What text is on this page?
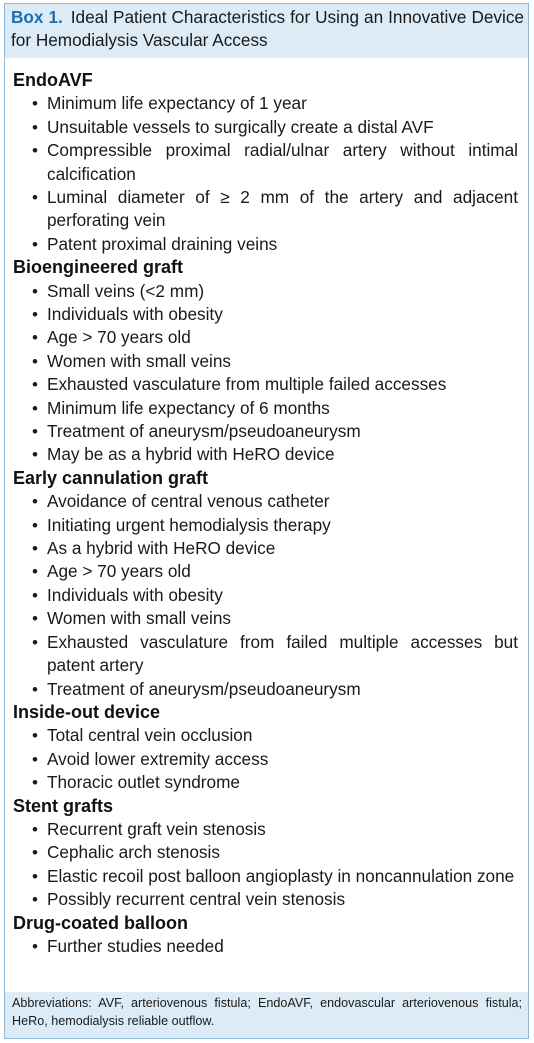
Box 1. Ideal Patient Characteristics for Using an Innovative Device for Hemodialysis Vascular Access
EndoAVF
• Minimum life expectancy of 1 year
• Unsuitable vessels to surgically create a distal AVF
• Compressible proximal radial/ulnar artery without intimal calcification
• Luminal diameter of ≥ 2 mm of the artery and adjacent perforating vein
• Patent proximal draining veins
Bioengineered graft
• Small veins (<2 mm)
• Individuals with obesity
• Age > 70 years old
• Women with small veins
• Exhausted vasculature from multiple failed accesses
• Minimum life expectancy of 6 months
• Treatment of aneurysm/pseudoaneurysm
• May be as a hybrid with HeRO device
Early cannulation graft
• Avoidance of central venous catheter
• Initiating urgent hemodialysis therapy
• As a hybrid with HeRO device
• Age > 70 years old
• Individuals with obesity
• Women with small veins
• Exhausted vasculature from failed multiple accesses but patent artery
• Treatment of aneurysm/pseudoaneurysm
Inside-out device
• Total central vein occlusion
• Avoid lower extremity access
• Thoracic outlet syndrome
Stent grafts
• Recurrent graft vein stenosis
• Cephalic arch stenosis
• Elastic recoil post balloon angioplasty in noncannulation zone
• Possibly recurrent central vein stenosis
Drug-coated balloon
• Further studies needed
Abbreviations: AVF, arteriovenous fistula; EndoAVF, endovascular arteriovenous fistula; HeRo, hemodialysis reliable outflow.
